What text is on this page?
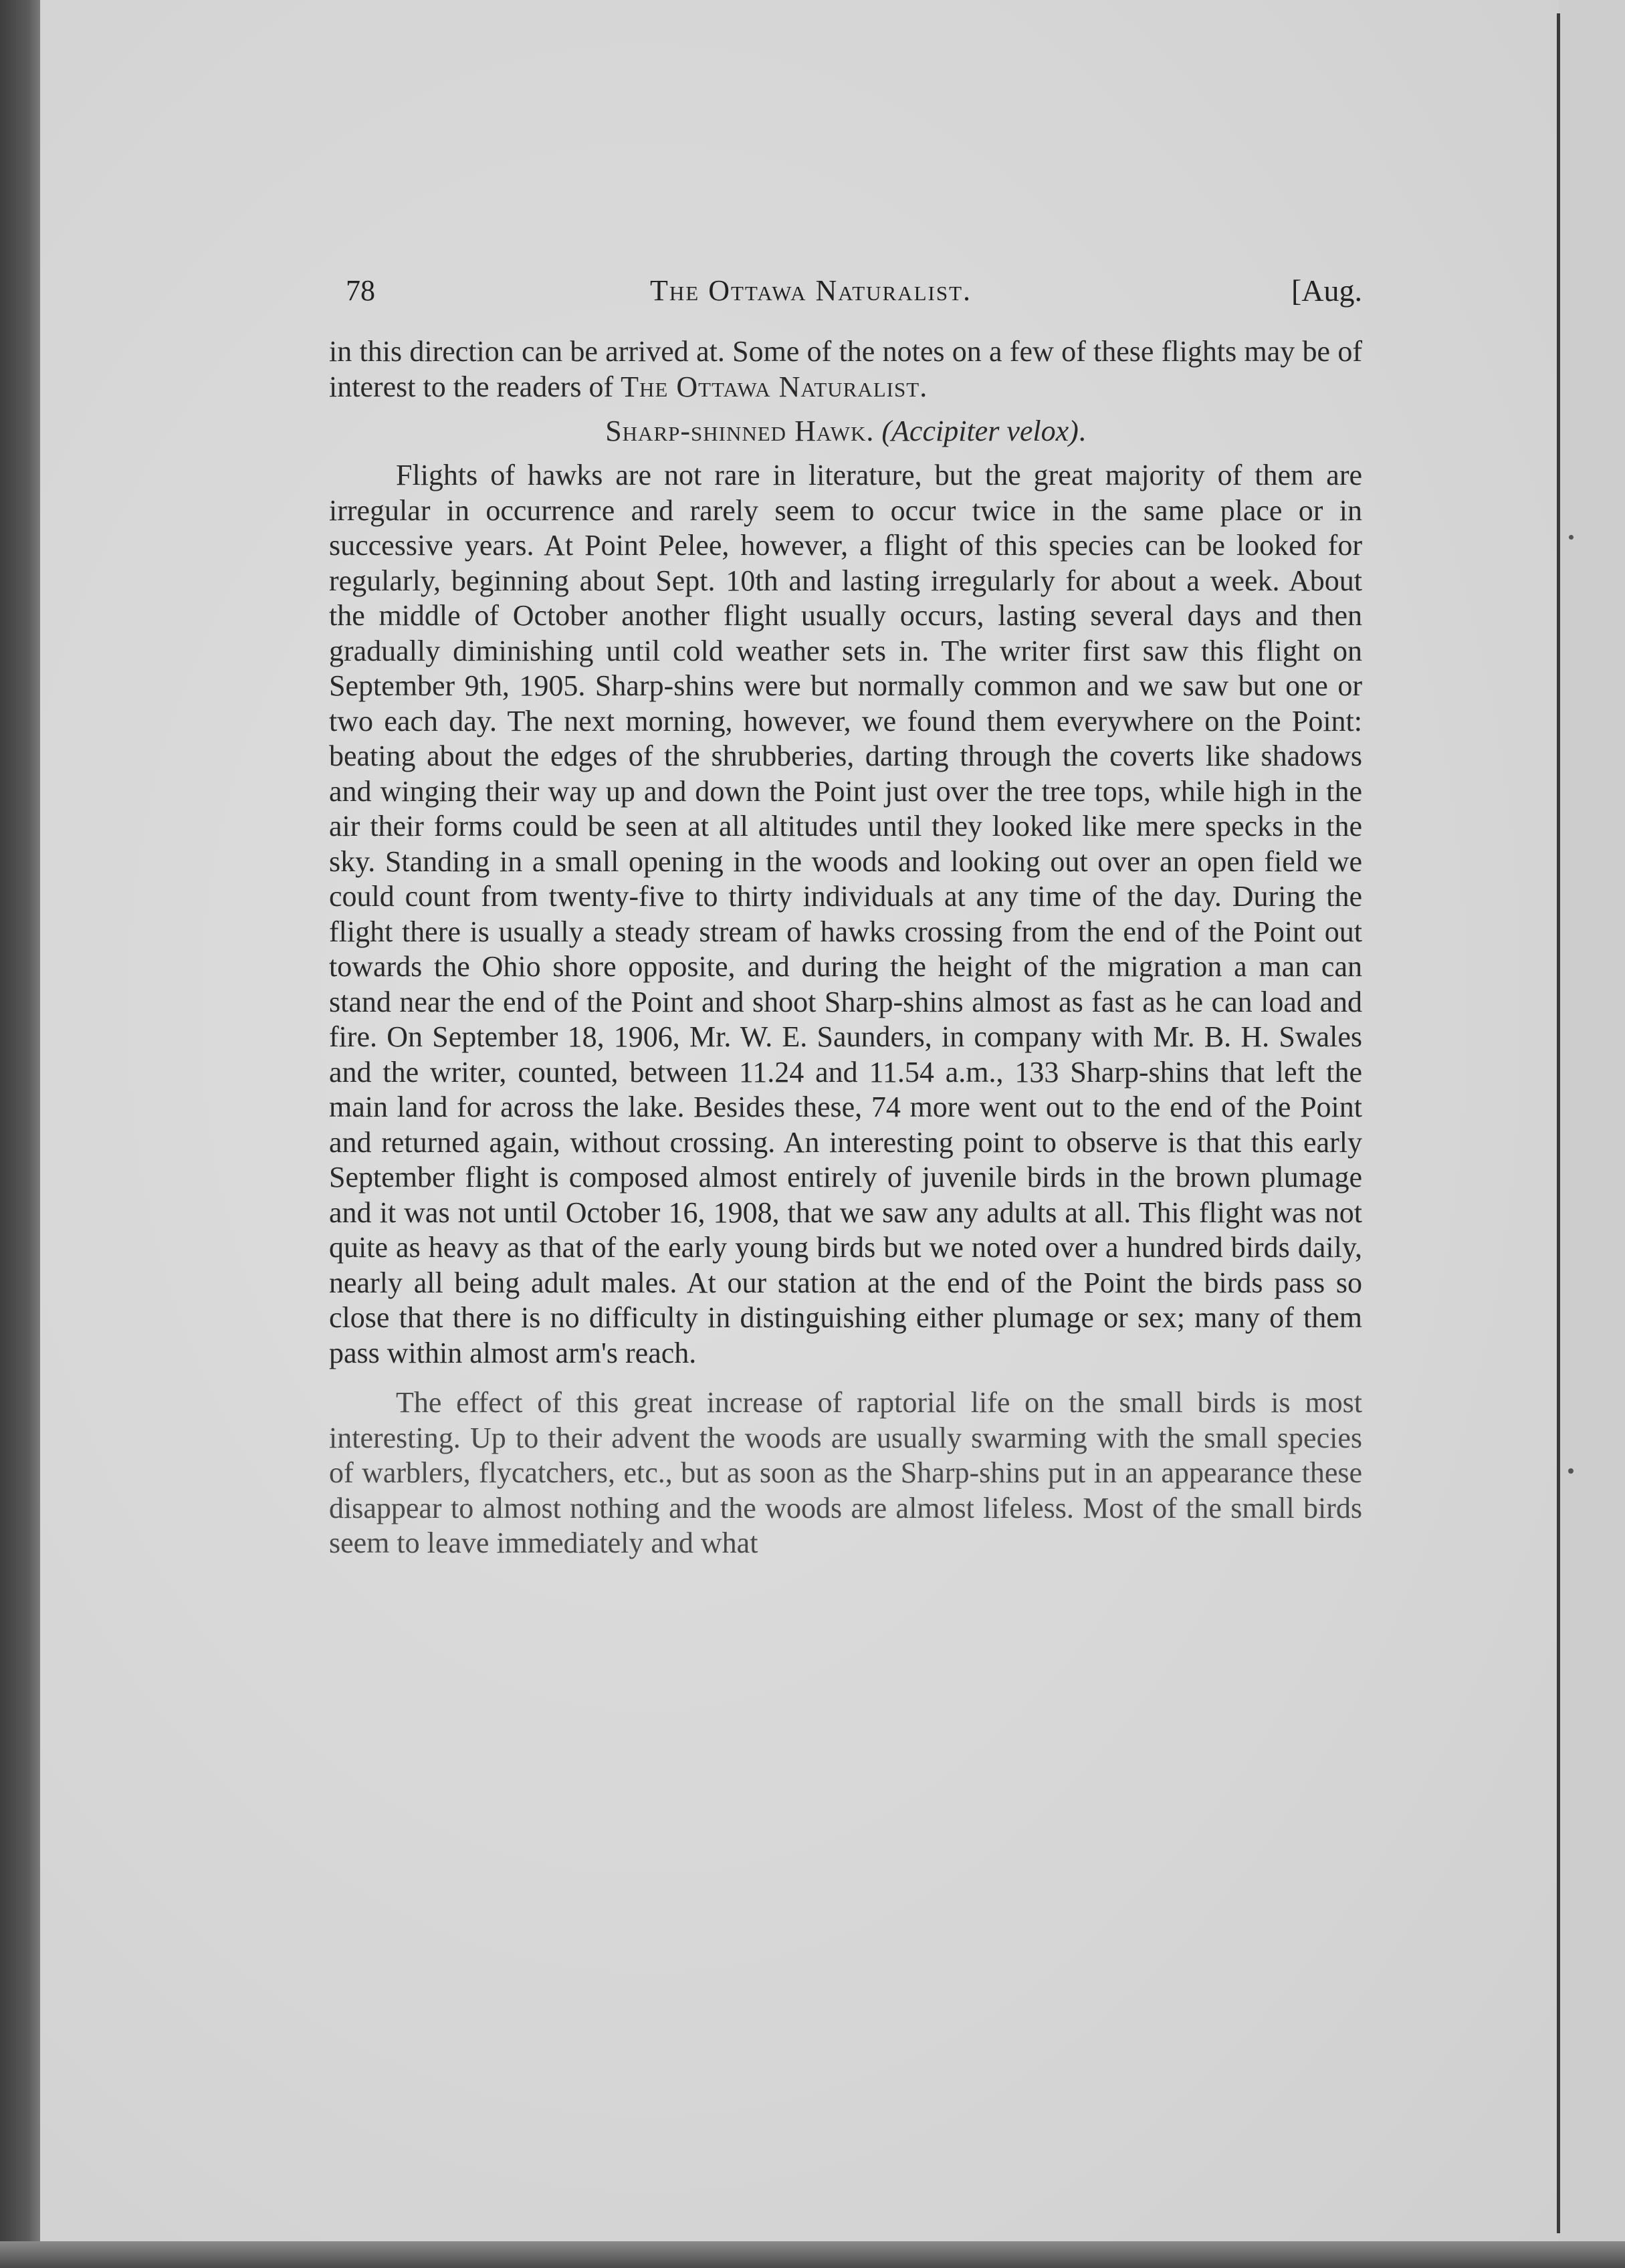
78	The Ottawa Naturalist.	[Aug.

in this direction can be arrived at. Some of the notes on a few of these flights may be of interest to the readers of The Ottawa Naturalist.

Sharp-shinned Hawk. (Accipiter velox).

Flights of hawks are not rare in literature, but the great majority of them are irregular in occurrence and rarely seem to occur twice in the same place or in successive years. At Point Pelee, however, a flight of this species can be looked for regularly, beginning about Sept. 10th and lasting irregularly for about a week. About the middle of October another flight usually occurs, lasting several days and then gradually diminishing until cold weather sets in. The writer first saw this flight on September 9th, 1905. Sharp-shins were but normally common and we saw but one or two each day. The next morning, however, we found them everywhere on the Point: beating about the edges of the shrubberies, darting through the coverts like shadows and winging their way up and down the Point just over the tree tops, while high in the air their forms could be seen at all altitudes until they looked like mere specks in the sky. Standing in a small opening in the woods and looking out over an open field we could count from twenty-five to thirty individuals at any time of the day. During the flight there is usually a steady stream of hawks crossing from the end of the Point out towards the Ohio shore opposite, and during the height of the migration a man can stand near the end of the Point and shoot Sharp-shins almost as fast as he can load and fire. On September 18, 1906, Mr. W. E. Saunders, in company with Mr. B. H. Swales and the writer, counted, between 11.24 and 11.54 a.m., 133 Sharp-shins that left the main land for across the lake. Besides these, 74 more went out to the end of the Point and returned again, without crossing. An interesting point to observe is that this early September flight is composed almost entirely of juvenile birds in the brown plumage and it was not until October 16, 1908, that we saw any adults at all. This flight was not quite as heavy as that of the early young birds but we noted over a hundred birds daily, nearly all being adult males. At our station at the end of the Point the birds pass so close that there is no difficulty in distinguishing either plumage or sex; many of them pass within almost arm's reach.

The effect of this great increase of raptorial life on the small birds is most interesting. Up to their advent the woods are usually swarming with the small species of warblers, flycatchers, etc., but as soon as the Sharp-shins put in an appearance these disappear to almost nothing and the woods are almost lifeless. Most of the small birds seem to leave immediately and what
